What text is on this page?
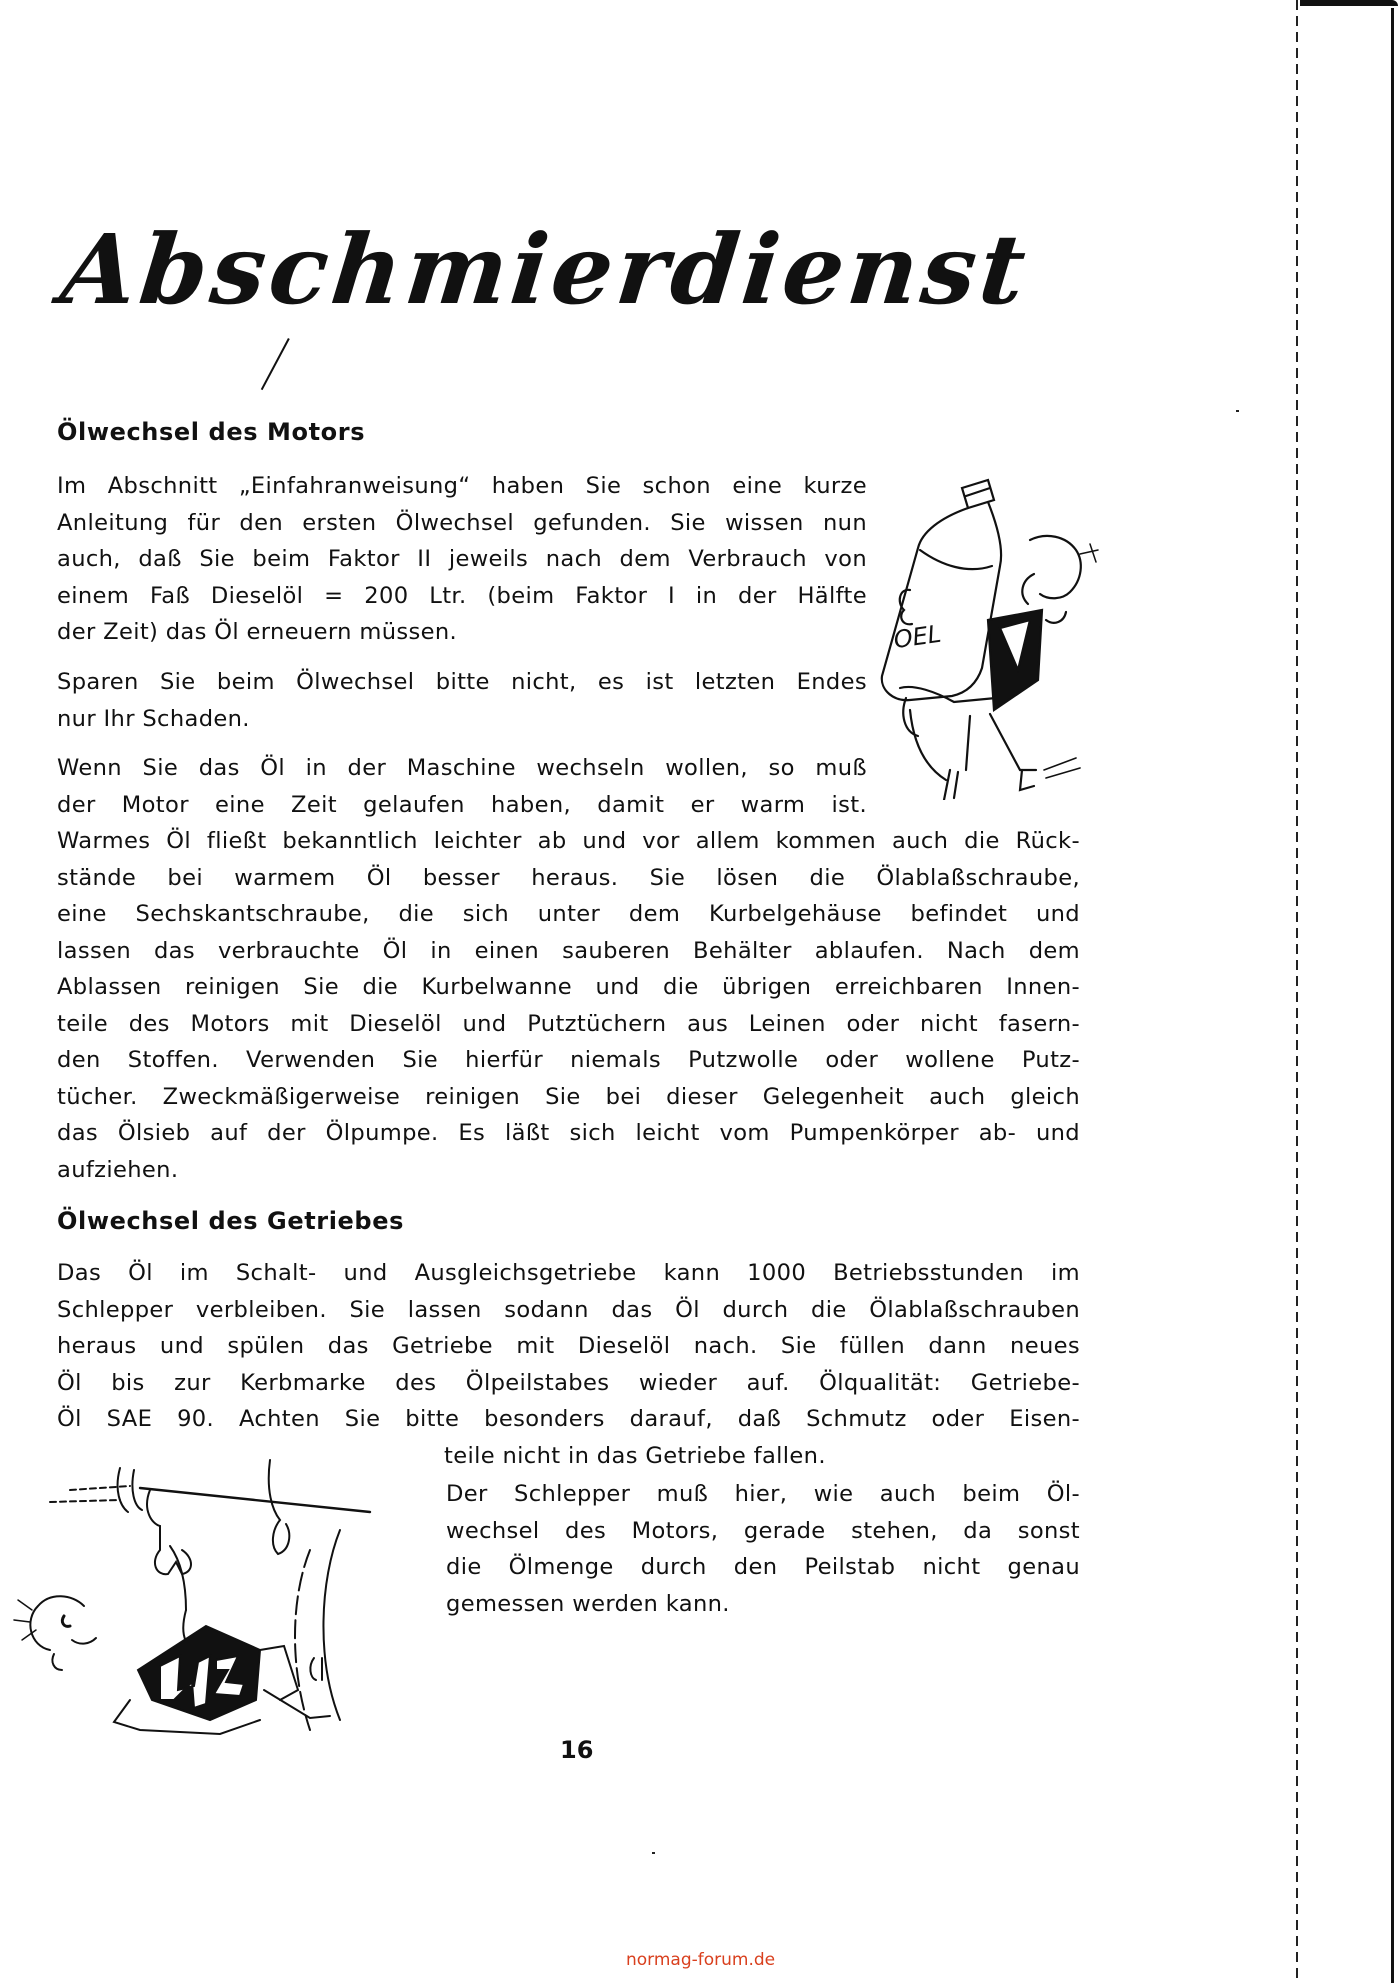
Abschmierdienst
Ölwechsel des Motors
Im Abschnitt „Einfahranweisung“ haben Sie schon eine kurze
Anleitung für den ersten Ölwechsel gefunden. Sie wissen nun
auch, daß Sie beim Faktor II jeweils nach dem Verbrauch von
einem Faß Dieselöl = 200 Ltr. (beim Faktor I in der Hälfte
der Zeit) das Öl erneuern müssen.
Sparen Sie beim Ölwechsel bitte nicht, es ist letzten Endes
nur Ihr Schaden.
Wenn Sie das Öl in der Maschine wechseln wollen, so muß
der Motor eine Zeit gelaufen haben, damit er warm ist.
Warmes Öl fließt bekanntlich leichter ab und vor allem kommen auch die Rück-
stände bei warmem Öl besser heraus. Sie lösen die Ölablaßschraube,
eine Sechskantschraube, die sich unter dem Kurbelgehäuse befindet und
lassen das verbrauchte Öl in einen sauberen Behälter ablaufen. Nach dem
Ablassen reinigen Sie die Kurbelwanne und die übrigen erreichbaren Innen-
teile des Motors mit Dieselöl und Putztüchern aus Leinen oder nicht fasern-
den Stoffen. Verwenden Sie hierfür niemals Putzwolle oder wollene Putz-
tücher. Zweckmäßigerweise reinigen Sie bei dieser Gelegenheit auch gleich
das Ölsieb auf der Ölpumpe. Es läßt sich leicht vom Pumpenkörper ab- und
aufziehen.
OEL
Ölwechsel des Getriebes
Das Öl im Schalt- und Ausgleichsgetriebe kann 1000 Betriebsstunden im
Schlepper verbleiben. Sie lassen sodann das Öl durch die Ölablaßschrauben
heraus und spülen das Getriebe mit Dieselöl nach. Sie füllen dann neues
Öl bis zur Kerbmarke des Ölpeilstabes wieder auf. Ölqualität: Getriebe-
Öl SAE 90. Achten Sie bitte besonders darauf, daß Schmutz oder Eisen-
teile nicht in das Getriebe fallen.
Der Schlepper muß hier, wie auch beim Öl-
wechsel des Motors, gerade stehen, da sonst
die Ölmenge durch den Peilstab nicht genau
gemessen werden kann.
16
normag-forum.de
